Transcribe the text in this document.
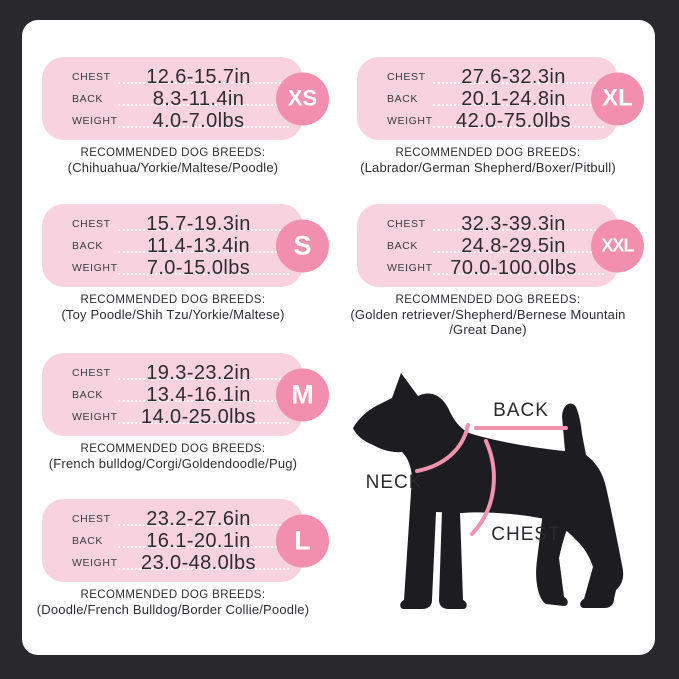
CHEST	12.6-15.7in
BACK	8.3-11.4in
WEIGHT	4.0-7.0lbs
XS
RECOMMENDED DOG BREEDS:
(Chihuahua/Yorkie/Maltese/Poodle)
CHEST	15.7-19.3in
BACK	11.4-13.4in
WEIGHT	7.0-15.0lbs
S
RECOMMENDED DOG BREEDS:
(Toy Poodle/Shih Tzu/Yorkie/Maltese)
CHEST	19.3-23.2in
BACK	13.4-16.1in
WEIGHT	14.0-25.0lbs
M
RECOMMENDED DOG BREEDS:
(French bulldog/Corgi/Goldendoodle/Pug)
CHEST	23.2-27.6in
BACK	16.1-20.1in
WEIGHT	23.0-48.0lbs
L
RECOMMENDED DOG BREEDS:
(Doodle/French Bulldog/Border Collie/Poodle)
CHEST	27.6-32.3in
BACK	20.1-24.8in
WEIGHT	42.0-75.0lbs
XL
RECOMMENDED DOG BREEDS:
(Labrador/German Shepherd/Boxer/Pitbull)
CHEST	32.3-39.3in
BACK	24.8-29.5in
WEIGHT 70.0-100.0lbs
XXL
RECOMMENDED DOG BREEDS:
(Golden retriever/Shepherd/Bernese Mountain /Great Dane)
BACK
NECK
CHEST
